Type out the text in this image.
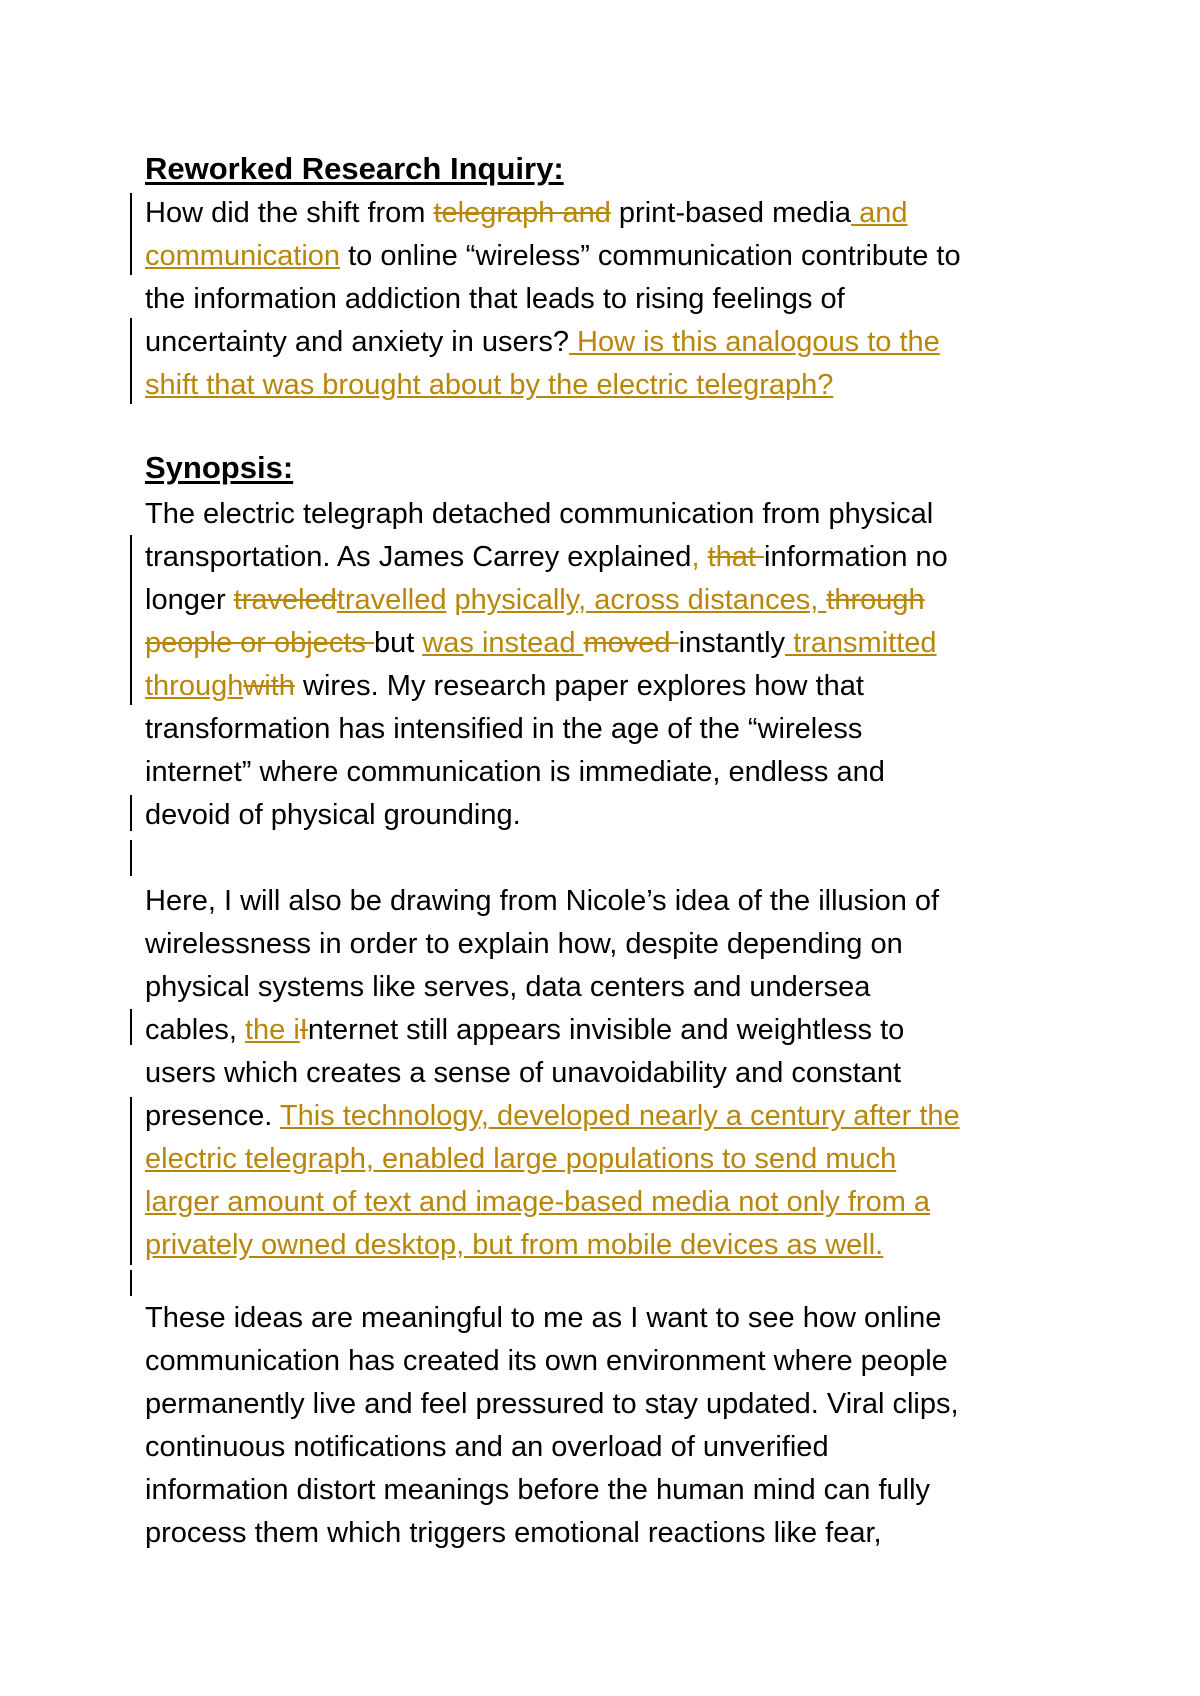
Reworked Research Inquiry:

How did the shift from telegraph and print-based media and
communication to online “wireless” communication contribute to
the information addiction that leads to rising feelings of
uncertainty and anxiety in users? How is this analogous to the
shift that was brought about by the electric telegraph?

Synopsis:

The electric telegraph detached communication from physical
transportation. As James Carrey explained, that information no
longer traveledtravelled physically, across distances, through
people or objects but was instead moved instantly transmitted
throughwith wires. My research paper explores how that
transformation has intensified in the age of the “wireless
internet” where communication is immediate, endless and
devoid of physical grounding.

Here, I will also be drawing from Nicole’s idea of the illusion of
wirelessness in order to explain how, despite depending on
physical systems like serves, data centers and undersea
cables, the iInternet still appears invisible and weightless to
users which creates a sense of unavoidability and constant
presence. This technology, developed nearly a century after the
electric telegraph, enabled large populations to send much
larger amount of text and image-based media not only from a
privately owned desktop, but from mobile devices as well.

These ideas are meaningful to me as I want to see how online
communication has created its own environment where people
permanently live and feel pressured to stay updated. Viral clips,
continuous notifications and an overload of unverified
information distort meanings before the human mind can fully
process them which triggers emotional reactions like fear,
